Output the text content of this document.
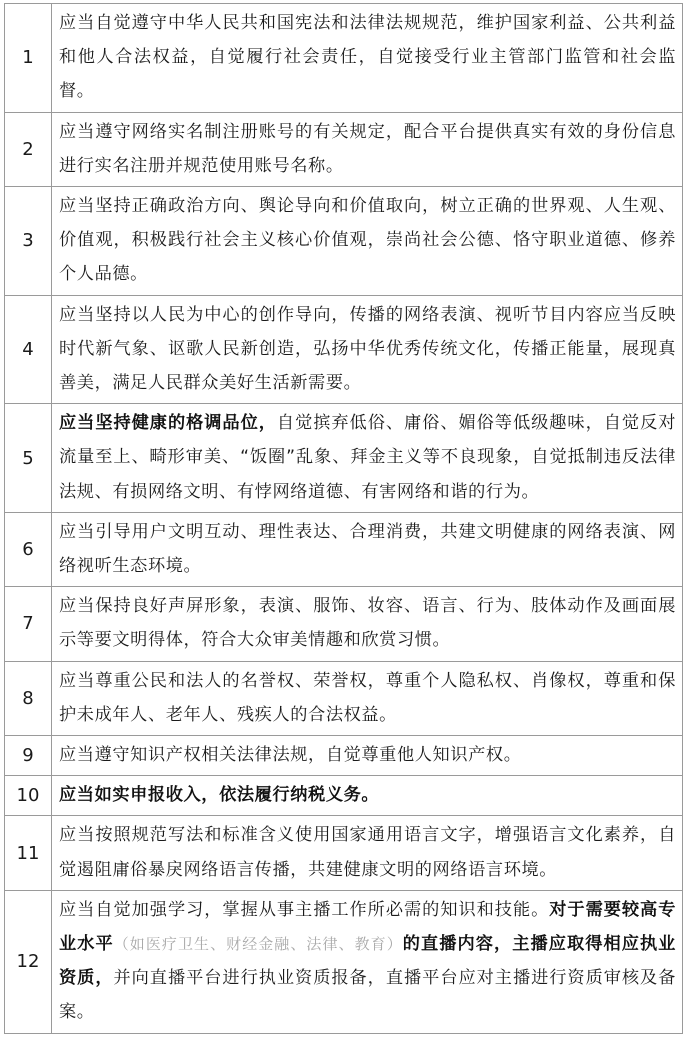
1	应当自觉遵守中华人民共和国宪法和法律法规规范，维护国家利益、公共利益和他人合法权益，自觉履行社会责任，自觉接受行业主管部门监管和社会监督。
2	应当遵守网络实名制注册账号的有关规定，配合平台提供真实有效的身份信息进行实名注册并规范使用账号名称。
3	应当坚持正确政治方向、舆论导向和价值取向，树立正确的世界观、人生观、价值观，积极践行社会主义核心价值观，崇尚社会公德、恪守职业道德、修养个人品德。
4	应当坚持以人民为中心的创作导向，传播的网络表演、视听节目内容应当反映时代新气象、讴歌人民新创造，弘扬中华优秀传统文化，传播正能量，展现真善美，满足人民群众美好生活新需要。
5	应当坚持健康的格调品位，自觉摈弃低俗、庸俗、媚俗等低级趣味，自觉反对流量至上、畸形审美、“饭圈”乱象、拜金主义等不良现象，自觉抵制违反法律法规、有损网络文明、有悖网络道德、有害网络和谐的行为。
6	应当引导用户文明互动、理性表达、合理消费，共建文明健康的网络表演、网络视听生态环境。
7	应当保持良好声屏形象，表演、服饰、妆容、语言、行为、肢体动作及画面展示等要文明得体，符合大众审美情趣和欣赏习惯。
8	应当尊重公民和法人的名誉权、荣誉权，尊重个人隐私权、肖像权，尊重和保护未成年人、老年人、残疾人的合法权益。
9	应当遵守知识产权相关法律法规，自觉尊重他人知识产权。
10	应当如实申报收入，依法履行纳税义务。
11	应当按照规范写法和标准含义使用国家通用语言文字，增强语言文化素养，自觉遏阻庸俗暴戾网络语言传播，共建健康文明的网络语言环境。
12	应当自觉加强学习，掌握从事主播工作所必需的知识和技能。对于需要较高专业水平（如医疗卫生、财经金融、法律、教育）的直播内容，主播应取得相应执业资质，并向直播平台进行执业资质报备，直播平台应对主播进行资质审核及备案。
